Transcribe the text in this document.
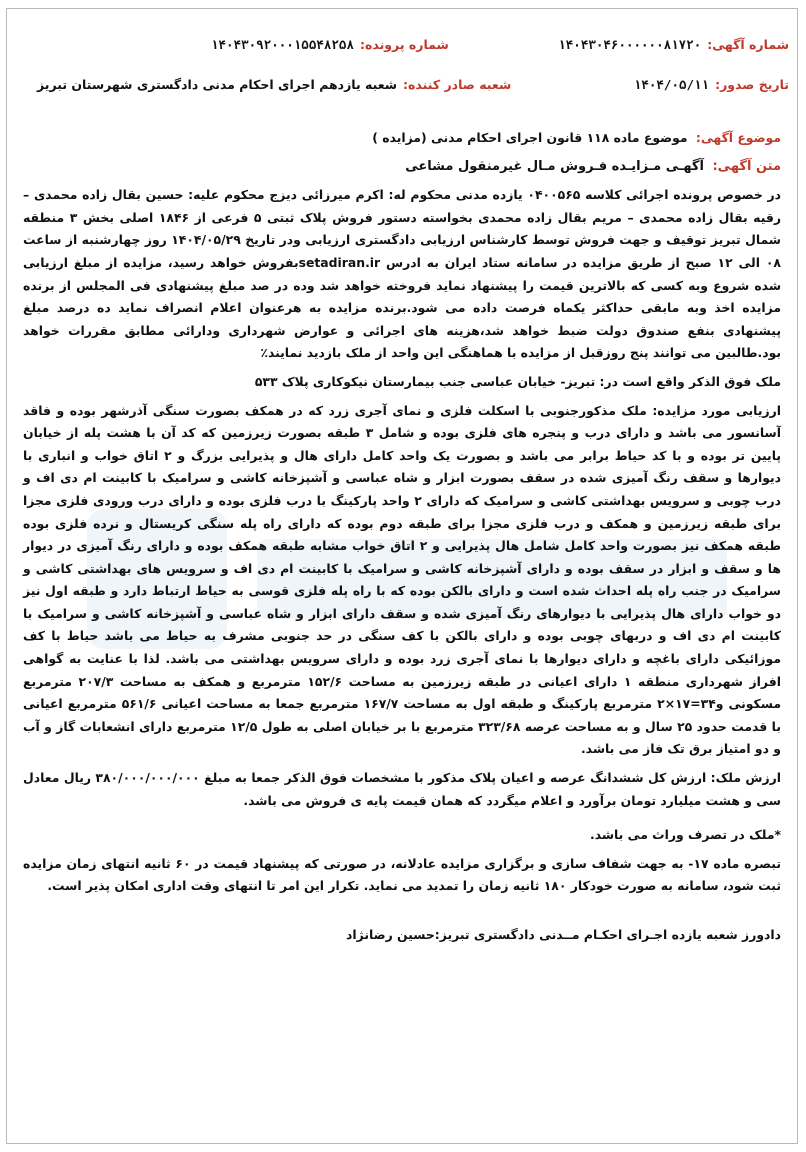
شماره آگهی:
۱۴۰۴۳۰۴۶۰۰۰۰۰۰۸۱۷۲۰
شماره پرونده:
۱۴۰۴۳۰۹۲۰۰۰۱۵۵۴۸۲۵۸
تاریخ صدور:
۱۴۰۴/۰۵/۱۱
شعبه صادر کننده:
شعبه یازدهم اجرای احکام مدنی دادگستری شهرستان تبریز

موضوع آگهی: موضوع ماده ۱۱۸ قانون اجرای احکام مدنی (مزایده )

متن آگهی: آگهـی مـزایـده فـروش مـال غیرمنقول مشاعی

در خصوص پرونده اجرائی کلاسه ۰۴۰۰۵۶۵ یازده مدنی محکوم له: اکرم میرزائی دیزج محکوم علیه: حسین بقال زاده محمدی – رقیه بقال زاده محمدی – مریم بقال زاده محمدی بخواسته دستور فروش پلاک ثبتی ۵ فرعی از ۱۸۴۶ اصلی بخش ۳ منطقه شمال تبریز توقیف و جهت فروش توسط کارشناس ارزیابی دادگستری ارزیابی ودر تاریخ ۱۴۰۴/۰۵/۲۹ روز چهارشنبه از ساعت ۰۸ الی ۱۲ صبح از طریق مزایده در سامانه ستاد ایران به ادرس setadiran.irبفروش خواهد رسید، مزایده از مبلغ ارزیابی شده شروع وبه کسی که بالاترین قیمت را پیشنهاد نماید فروخته خواهد شد وده در صد مبلغ پیشنهادی فی المجلس از برنده مزایده اخذ وبه مابقی حداکثر یکماه فرصت داده می شود.برنده مزایده به هرعنوان اعلام انصراف نماید ده درصد مبلغ پیشنهادی بنفع صندوق دولت ضبط خواهد شد،هزینه های اجرائی و عوارض شهرداری ودارائی مطابق مقررات خواهد بود.طالبین می توانند پنج روزقبل از مزایده با هماهنگی این واحد از ملک بازدید نمایند٪

ملک فوق الذکر واقع است در: تبریز- خیابان عباسی جنب بیمارستان نیکوکاری پلاک ۵۳۳

ارزیابی مورد مزایده: ملک مذکورجنوبی با اسکلت فلزی و نمای آجری زرد که در همکف بصورت سنگی آذرشهر بوده و فاقد آسانسور می باشد و دارای درب و پنجره های فلزی بوده و شامل ۳ طبقه بصورت زیرزمین که کد آن با هشت پله از خیابان پایین تر بوده و با کد حیاط برابر می باشد و بصورت یک واحد کامل دارای هال و پذیرایی بزرگ و ۲ اتاق خواب و انباری با دیوارها و سقف رنگ آمیزی شده در سقف بصورت ابزار و شاه عباسی و آشپزخانه کاشی و سرامیک با کابینت ام دی اف و درب چوبی و سرویس بهداشتی کاشی و سرامیک که دارای ۲ واحد پارکینگ با درب فلزی بوده و دارای درب ورودی فلزی مجزا برای طبقه زیرزمین و همکف و درب فلزی مجزا برای طبقه دوم بوده که دارای راه پله سنگی کریستال و نرده فلزی بوده طبقه همکف نیز بصورت واحد کامل شامل هال پذیرایی و ۲ اتاق خواب مشابه طبقه همکف بوده و دارای رنگ آمیزی در دیوار ها و سقف و ابزار در سقف بوده و دارای آشپزخانه کاشی و سرامیک با کابینت ام دی اف و سرویس های بهداشتی کاشی و سرامیک در جنب راه پله احداث شده است و دارای بالکن بوده که با راه پله فلزی قوسی به حیاط ارتباط دارد و طبقه اول نیز دو خواب دارای هال پذیرایی با دیوارهای رنگ آمیزی شده و سقف دارای ابزار و شاه عباسی و آشپزخانه کاشی و سرامیک با کابینت ام دی اف و دربهای چوبی بوده و دارای بالکن با کف سنگی در حد جنوبی مشرف به حیاط می باشد حیاط با کف موزائیکی دارای باغچه و دارای دیوارها با نمای آجری زرد بوده و دارای سرویس بهداشتی می باشد. لذا با عنایت به گواهی افراز شهرداری منطقه ۱ دارای اعیانی در طبقه زیرزمین به مساحت ۱۵۲/۶ مترمربع و همکف به مساحت ۲۰۷/۳ مترمربع مسکونی و۳۴=۱۷×۲ مترمربع پارکینگ و طبقه اول به مساحت ۱۶۷/۷ مترمربع جمعا به مساحت اعیانی ۵۶۱/۶ مترمربع اعیانی با قدمت حدود ۲۵ سال و به مساحت عرصه ۳۲۳/۶۸ مترمربع با بر خیابان اصلی به طول ۱۲/۵ مترمربع دارای انشعابات گاز و آب و دو امتیاز برق تک فاز می باشد.

ارزش ملک: ارزش کل ششدانگ عرصه و اعیان پلاک مذکور با مشخصات فوق الذکر جمعا به مبلغ ۳۸۰/۰۰۰/۰۰۰/۰۰۰ ریال معادل سی و هشت میلیارد تومان برآورد و اعلام میگردد که همان قیمت پایه ی فروش می باشد.

*ملک در تصرف وراث می باشد.

تبصره ماده ۱۷- به جهت شفاف سازی و برگزاری مزایده عادلانه، در صورتی که پیشنهاد قیمت در ۶۰ ثانیه انتهای زمان مزایده ثبت شود، سامانه به صورت خودکار ۱۸۰ ثانیه زمان را تمدید می نماید. تکرار این امر تا انتهای وقت اداری امکان پذیر است.

دادورز شعبه یازده اجـرای احکـام مــدنی دادگستری تبریز:حسین رضانژاد
